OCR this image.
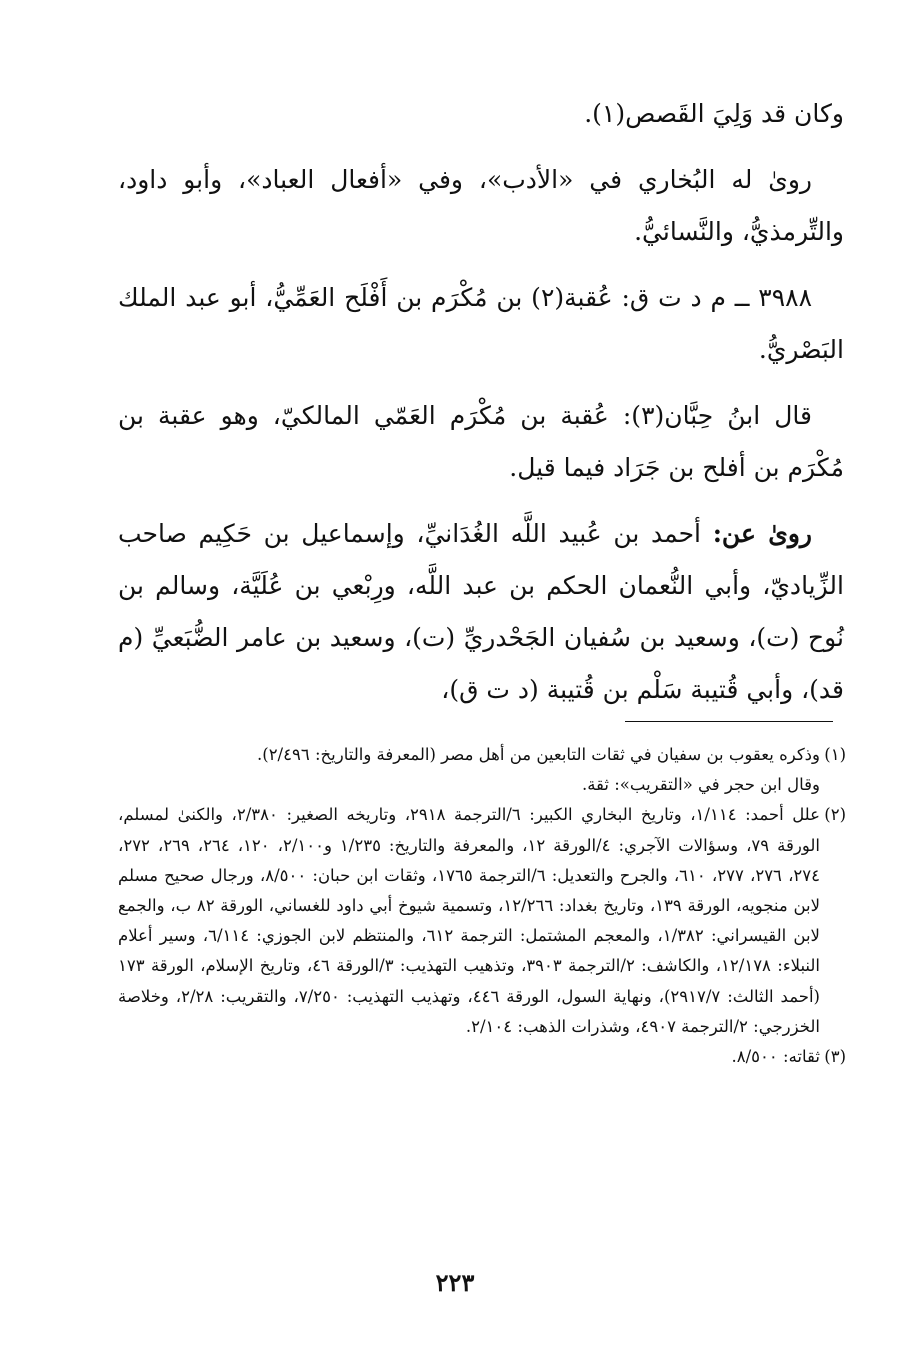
وكان قد وَلِيَ القَصص(١).

روىٰ له البُخاري في «الأدب»، وفي «أفعال العباد»، وأبو داود، والتِّرمذيُّ، والنَّسائيُّ.

٣٩٨٨ ــ م د ت ق: عُقبة(٢) بن مُكْرَم بن أَفْلَح العَمِّيُّ، أبو عبد الملك البَصْريُّ.

قال ابنُ حِبَّان(٣): عُقبة بن مُكْرَم العَمّي المالكيّ، وهو عقبة بن مُكْرَم بن أفلح بن جَرَاد فيما قيل.

روىٰ عن: أحمد بن عُبيد اللَّه الغُدَانيِّ، وإسماعيل بن حَكِيم صاحب الزِّياديّ، وأبي النُّعمان الحكم بن عبد اللَّه، ورِبْعي بن عُلَيَّة، وسالم بن نُوح (ت)، وسعيد بن سُفيان الجَحْدريِّ (ت)، وسعيد بن عامر الضُّبَعيِّ (م قد)، وأبي قُتيبة سَلْم بن قُتيبة (د ت ق)،

(١)

وذكره يعقوب بن سفيان في ثقات التابعين من أهل مصر (المعرفة والتاريخ: ٢/٤٩٦).

وقال ابن حجر في «التقريب»: ثقة.

(٢)

علل أحمد: ١/١١٤، وتاريخ البخاري الكبير: ٦/الترجمة ٢٩١٨، وتاريخه الصغير: ٢/٣٨٠، والكنىٰ لمسلم، الورقة ٧٩، وسؤالات الآجري: ٤/الورقة ١٢، والمعرفة والتاريخ: ١/٢٣٥ و٢/١٠٠، ١٢٠، ٢٦٤، ٢٦٩، ٢٧٢، ٢٧٤، ٢٧٦، ٢٧٧، ٦١٠، والجرح والتعديل: ٦/الترجمة ١٧٦٥، وثقات ابن حبان: ٨/٥٠٠، ورجال صحيح مسلم لابن منجويه، الورقة ١٣٩، وتاريخ بغداد: ١٢/٢٦٦، وتسمية شيوخ أبي داود للغساني، الورقة ٨٢ ب، والجمع لابن القيسراني: ١/٣٨٢، والمعجم المشتمل: الترجمة ٦١٢، والمنتظم لابن الجوزي: ٦/١١٤، وسير أعلام النبلاء: ١٢/١٧٨، والكاشف: ٢/الترجمة ٣٩٠٣، وتذهيب التهذيب: ٣/الورقة ٤٦، وتاريخ الإسلام، الورقة ١٧٣ (أحمد الثالث: ٢٩١٧/٧)، ونهاية السول، الورقة ٤٤٦، وتهذيب التهذيب: ٧/٢٥٠، والتقريب: ٢/٢٨، وخلاصة الخزرجي: ٢/الترجمة ٤٩٠٧، وشذرات الذهب: ٢/١٠٤.

(٣)

ثقاته: ٨/٥٠٠.

٢٢٣
